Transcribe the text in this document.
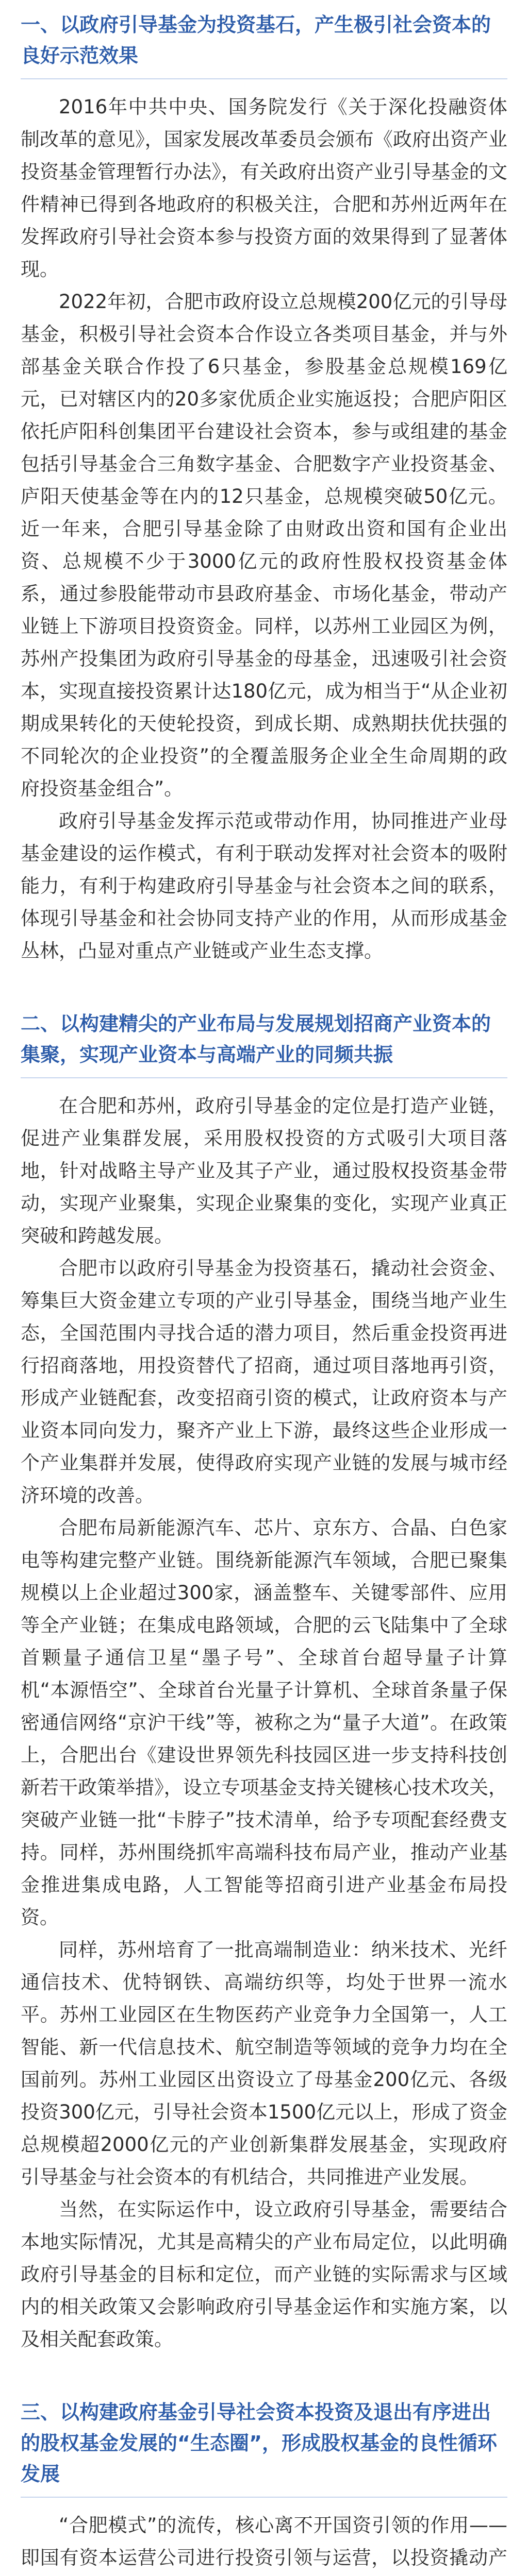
一、以政府引导基金为投资基石，产生极引社会资本的良好示范效果

2016年中共中央、国务院发行《关于深化投融资体制改革的意见》，国家发展改革委员会颁布《政府出资产业投资基金管理暂行办法》，有关政府出资产业引导基金的文件精神已得到各地政府的积极关注，合肥和苏州近两年在发挥政府引导社会资本参与投资方面的效果得到了显著体现。

2022年初，合肥市政府设立总规模200亿元的引导母基金，积极引导社会资本合作设立各类项目基金，并与外部基金关联合作投了6只基金，参股基金总规模169亿元，已对辖区内的20多家优质企业实施返投；合肥庐阳区依托庐阳科创集团平台建设社会资本，参与或组建的基金包括引导基金合三角数字基金、合肥数字产业投资基金、庐阳天使基金等在内的12只基金，总规模突破50亿元。近一年来，合肥引导基金除了由财政出资和国有企业出资、总规模不少于3000亿元的政府性股权投资基金体系，通过参股能带动市县政府基金、市场化基金，带动产业链上下游项目投资资金。同样，以苏州工业园区为例，苏州产投集团为政府引导基金的母基金，迅速吸引社会资本，实现直接投资累计达180亿元，成为相当于“从企业初期成果转化的天使轮投资，到成长期、成熟期扶优扶强的不同轮次的企业投资”的全覆盖服务企业全生命周期的政府投资基金组合”。

政府引导基金发挥示范或带动作用，协同推进产业母基金建设的运作模式，有利于联动发挥对社会资本的吸附能力，有利于构建政府引导基金与社会资本之间的联系，体现引导基金和社会协同支持产业的作用，从而形成基金丛林，凸显对重点产业链或产业生态支撑。

二、以构建精尖的产业布局与发展规划招商产业资本的集聚，实现产业资本与高端产业的同频共振

在合肥和苏州，政府引导基金的定位是打造产业链，促进产业集群发展，采用股权投资的方式吸引大项目落地，针对战略主导产业及其子产业，通过股权投资基金带动，实现产业聚集，实现企业聚集的变化，实现产业真正突破和跨越发展。

合肥市以政府引导基金为投资基石，撬动社会资金、筹集巨大资金建立专项的产业引导基金，围绕当地产业生态，全国范围内寻找合适的潜力项目，然后重金投资再进行招商落地，用投资替代了招商，通过项目落地再引资，形成产业链配套，改变招商引资的模式，让政府资本与产业资本同向发力，聚齐产业上下游，最终这些企业形成一个产业集群并发展，使得政府实现产业链的发展与城市经济环境的改善。

合肥布局新能源汽车、芯片、京东方、合晶、白色家电等构建完整产业链。围绕新能源汽车领域，合肥已聚集规模以上企业超过300家，涵盖整车、关键零部件、应用等全产业链；在集成电路领域，合肥的云飞陆集中了全球首颗量子通信卫星“墨子号”、全球首台超导量子计算机“本源悟空”、全球首台光量子计算机、全球首条量子保密通信网络“京沪干线”等，被称之为“量子大道”。在政策上，合肥出台《建设世界领先科技园区进一步支持科技创新若干政策举措》，设立专项基金支持关键核心技术攻关，突破产业链一批“卡脖子”技术清单，给予专项配套经费支持。同样，苏州围绕抓牢高端科技布局产业，推动产业基金推进集成电路，人工智能等招商引进产业基金布局投资。

同样，苏州培育了一批高端制造业：纳米技术、光纤通信技术、优特钢铁、高端纺织等，均处于世界一流水平。苏州工业园区在生物医药产业竞争力全国第一，人工智能、新一代信息技术、航空制造等领域的竞争力均在全国前列。苏州工业园区出资设立了母基金200亿元、各级投资300亿元，引导社会资本1500亿元以上，形成了资金总规模超2000亿元的产业创新集群发展基金，实现政府引导基金与社会资本的有机结合，共同推进产业发展。

当然，在实际运作中，设立政府引导基金，需要结合本地实际情况，尤其是高精尖的产业布局定位，以此明确政府引导基金的目标和定位，而产业链的实际需求与区域内的相关政策又会影响政府引导基金运作和实施方案，以及相关配套政策。

三、以构建政府基金引导社会资本投资及退出有序进出的股权基金发展的“生态圈”，形成股权基金的良性循环发展

“合肥模式”的流传，核心离不开国资引领的作用——即国有资本运营公司进行投资引领与运营，以投资撬动产
